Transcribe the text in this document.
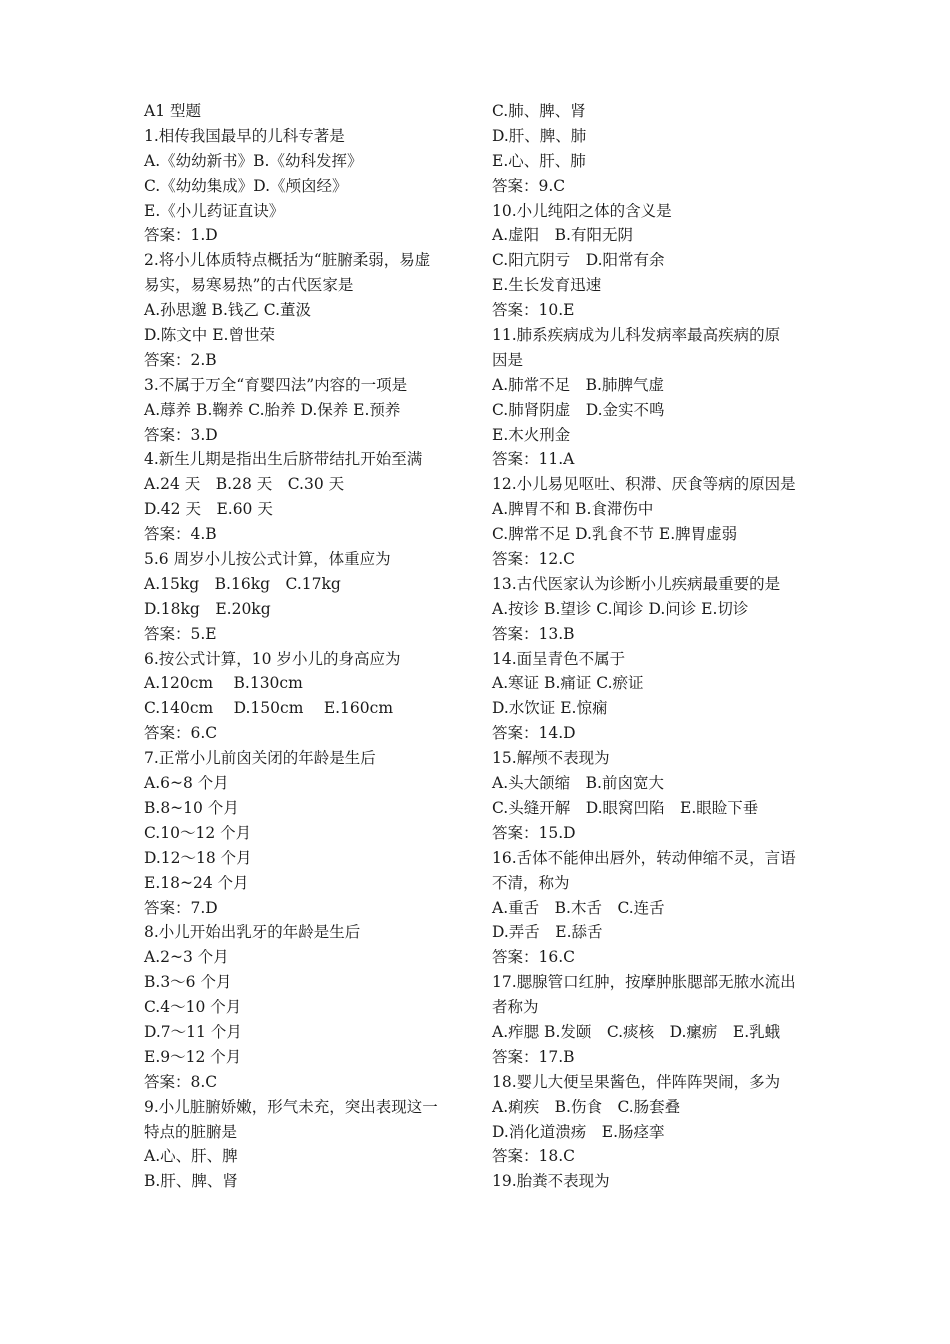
A1 型题
1.相传我国最早的儿科专著是
A.《幼幼新书》B.《幼科发挥》
C.《幼幼集成》D.《颅囟经》
E.《小儿药证直诀》
答案：1.D
2.将小儿体质特点概括为“脏腑柔弱，易虚
易实，易寒易热”的古代医家是
A.孙思邈 B.钱乙 C.董汲
D.陈文中 E.曾世荣
答案：2.B
3.不属于万全“育婴四法”内容的一项是
A.蓐养 B.鞠养 C.胎养 D.保养 E.预养
答案：3.D
4.新生儿期是指出生后脐带结扎开始至满
A.24 天　B.28 天　C.30 天
D.42 天　E.60 天
答案：4.B
5.6 周岁小儿按公式计算，体重应为
A.15kg　B.16kg　C.17kg
D.18kg　E.20kg
答案：5.E
6.按公式计算，10 岁小儿的身高应为
A.120cm　 B.130cm
C.140cm　 D.150cm　 E.160cm
答案：6.C
7.正常小儿前囟关闭的年龄是生后
A.6~8 个月
B.8~10 个月
C.10～12 个月
D.12～18 个月
E.18~24 个月
答案：7.D
8.小儿开始出乳牙的年龄是生后
A.2~3 个月
B.3～6 个月
C.4～10 个月
D.7～11 个月
E.9～12 个月
答案：8.C
9.小儿脏腑娇嫩，形气未充，突出表现这一
特点的脏腑是
A.心、肝、脾
B.肝、脾、肾
C.肺、脾、肾
D.肝、脾、肺
E.心、肝、肺
答案：9.C
10.小儿纯阳之体的含义是
A.虚阳　B.有阳无阴
C.阳亢阴亏　D.阳常有余
E.生长发育迅速
答案：10.E
11.肺系疾病成为儿科发病率最高疾病的原
因是
A.肺常不足　B.肺脾气虚
C.肺肾阴虚　D.金实不鸣
E.木火刑金
答案：11.A
12.小儿易见呕吐、积滞、厌食等病的原因是
A.脾胃不和 B.食滞伤中
C.脾常不足 D.乳食不节 E.脾胃虚弱
答案：12.C
13.古代医家认为诊断小儿疾病最重要的是
A.按诊 B.望诊 C.闻诊 D.问诊 E.切诊
答案：13.B
14.面呈青色不属于
A.寒证 B.痛证 C.瘀证
D.水饮证 E.惊痫
答案：14.D
15.解颅不表现为
A.头大颌缩　B.前囟宽大
C.头缝开解　D.眼窝凹陷　E.眼睑下垂
答案：15.D
16.舌体不能伸出唇外，转动伸缩不灵，言语
不清，称为
A.重舌　B.木舌　C.连舌
D.弄舌　E.舔舌
答案：16.C
17.腮腺管口红肿，按摩肿胀腮部无脓水流出
者称为
A.痄腮 B.发颐　C.痰核　D.瘰疬　E.乳蛾
答案：17.B
18.婴儿大便呈果酱色，伴阵阵哭闹，多为
A.痢疾　B.伤食　C.肠套叠
D.消化道溃疡　E.肠痉挛
答案：18.C
19.胎粪不表现为
